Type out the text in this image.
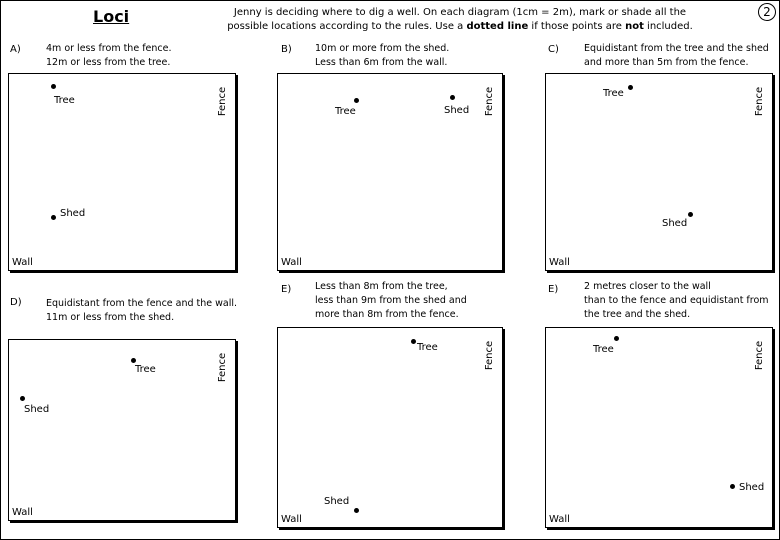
Loci	2
Jenny is deciding where to dig a well. On each diagram (1cm = 2m), mark or shade all the
possible locations according to the rules. Use a dotted line if those points are not included.
A)	4m or less from the fence.
12m or less from the tree.
Fence
Tree
Shed
Wall
B) 10m or more from the shed.
Less than 6m from the wall.
Fence
Tree	Shed
Wall
C)	Equidistant from the tree and the shed
and more than 5m from the fence.
Fence
Tree
Shed
Wall
D)	Equidistant from the fence and the wall.
11m or less from the shed.
Fence
Tree
Shed
Wall
E)	Less than 8m from the tree,
less than 9m from the shed and
more than 8m from the fence.
Fence
Tree
Shed
Wall
E)	2 metres closer to the wall
than to the fence and equidistant from
the tree and the shed.
Fence
Tree
Shed
Wall
